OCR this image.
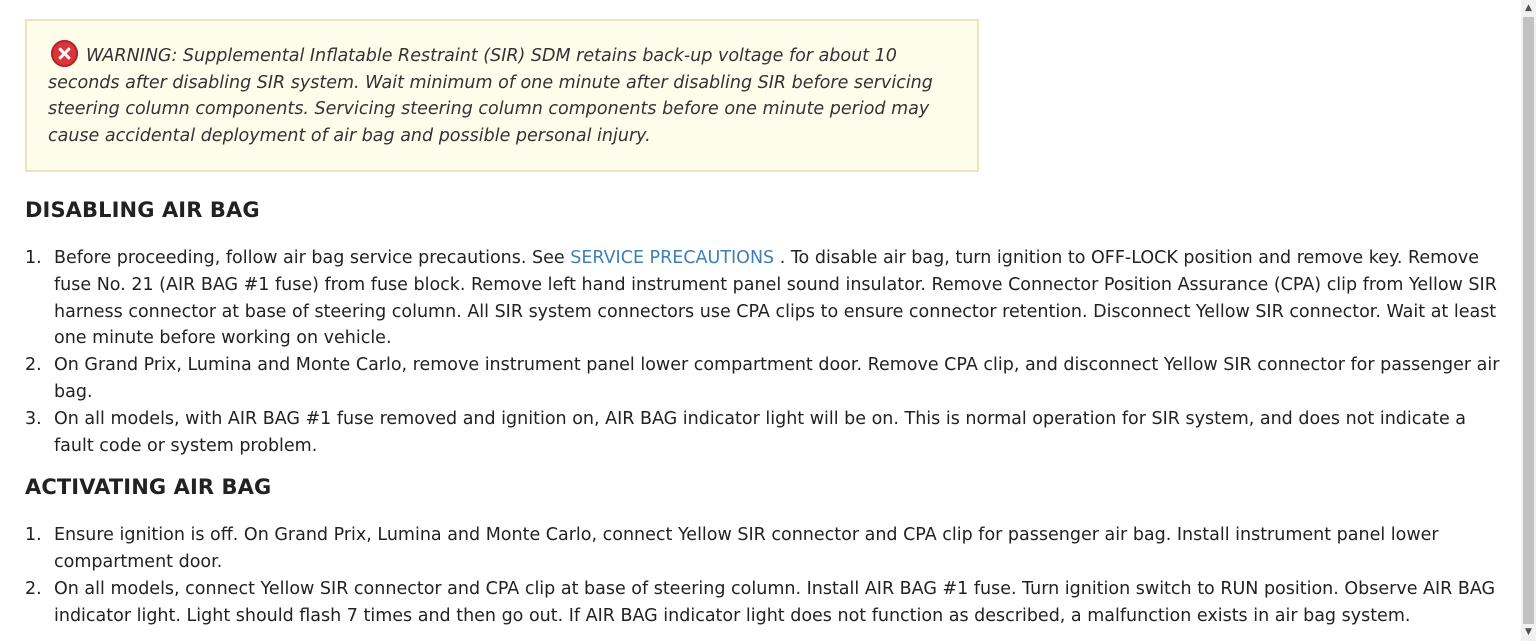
WARNING: Supplemental Inflatable Restraint (SIR) SDM retains back-up voltage for about 10 seconds after disabling SIR system. Wait minimum of one minute after disabling SIR before servicing steering column components. Servicing steering column components before one minute period may cause accidental deployment of air bag and possible personal injury.
DISABLING AIR BAG
1. Before proceeding, follow air bag service precautions. See SERVICE PRECAUTIONS . To disable air bag, turn ignition to OFF-LOCK position and remove key. Remove fuse No. 21 (AIR BAG #1 fuse) from fuse block. Remove left hand instrument panel sound insulator. Remove Connector Position Assurance (CPA) clip from Yellow SIR harness connector at base of steering column. All SIR system connectors use CPA clips to ensure connector retention. Disconnect Yellow SIR connector. Wait at least one minute before working on vehicle.
2. On Grand Prix, Lumina and Monte Carlo, remove instrument panel lower compartment door. Remove CPA clip, and disconnect Yellow SIR connector for passenger air bag.
3. On all models, with AIR BAG #1 fuse removed and ignition on, AIR BAG indicator light will be on. This is normal operation for SIR system, and does not indicate a fault code or system problem.
ACTIVATING AIR BAG
1. Ensure ignition is off. On Grand Prix, Lumina and Monte Carlo, connect Yellow SIR connector and CPA clip for passenger air bag. Install instrument panel lower compartment door.
2. On all models, connect Yellow SIR connector and CPA clip at base of steering column. Install AIR BAG #1 fuse. Turn ignition switch to RUN position. Observe AIR BAG indicator light. Light should flash 7 times and then go out. If AIR BAG indicator light does not function as described, a malfunction exists in air bag system.
▲
▼
